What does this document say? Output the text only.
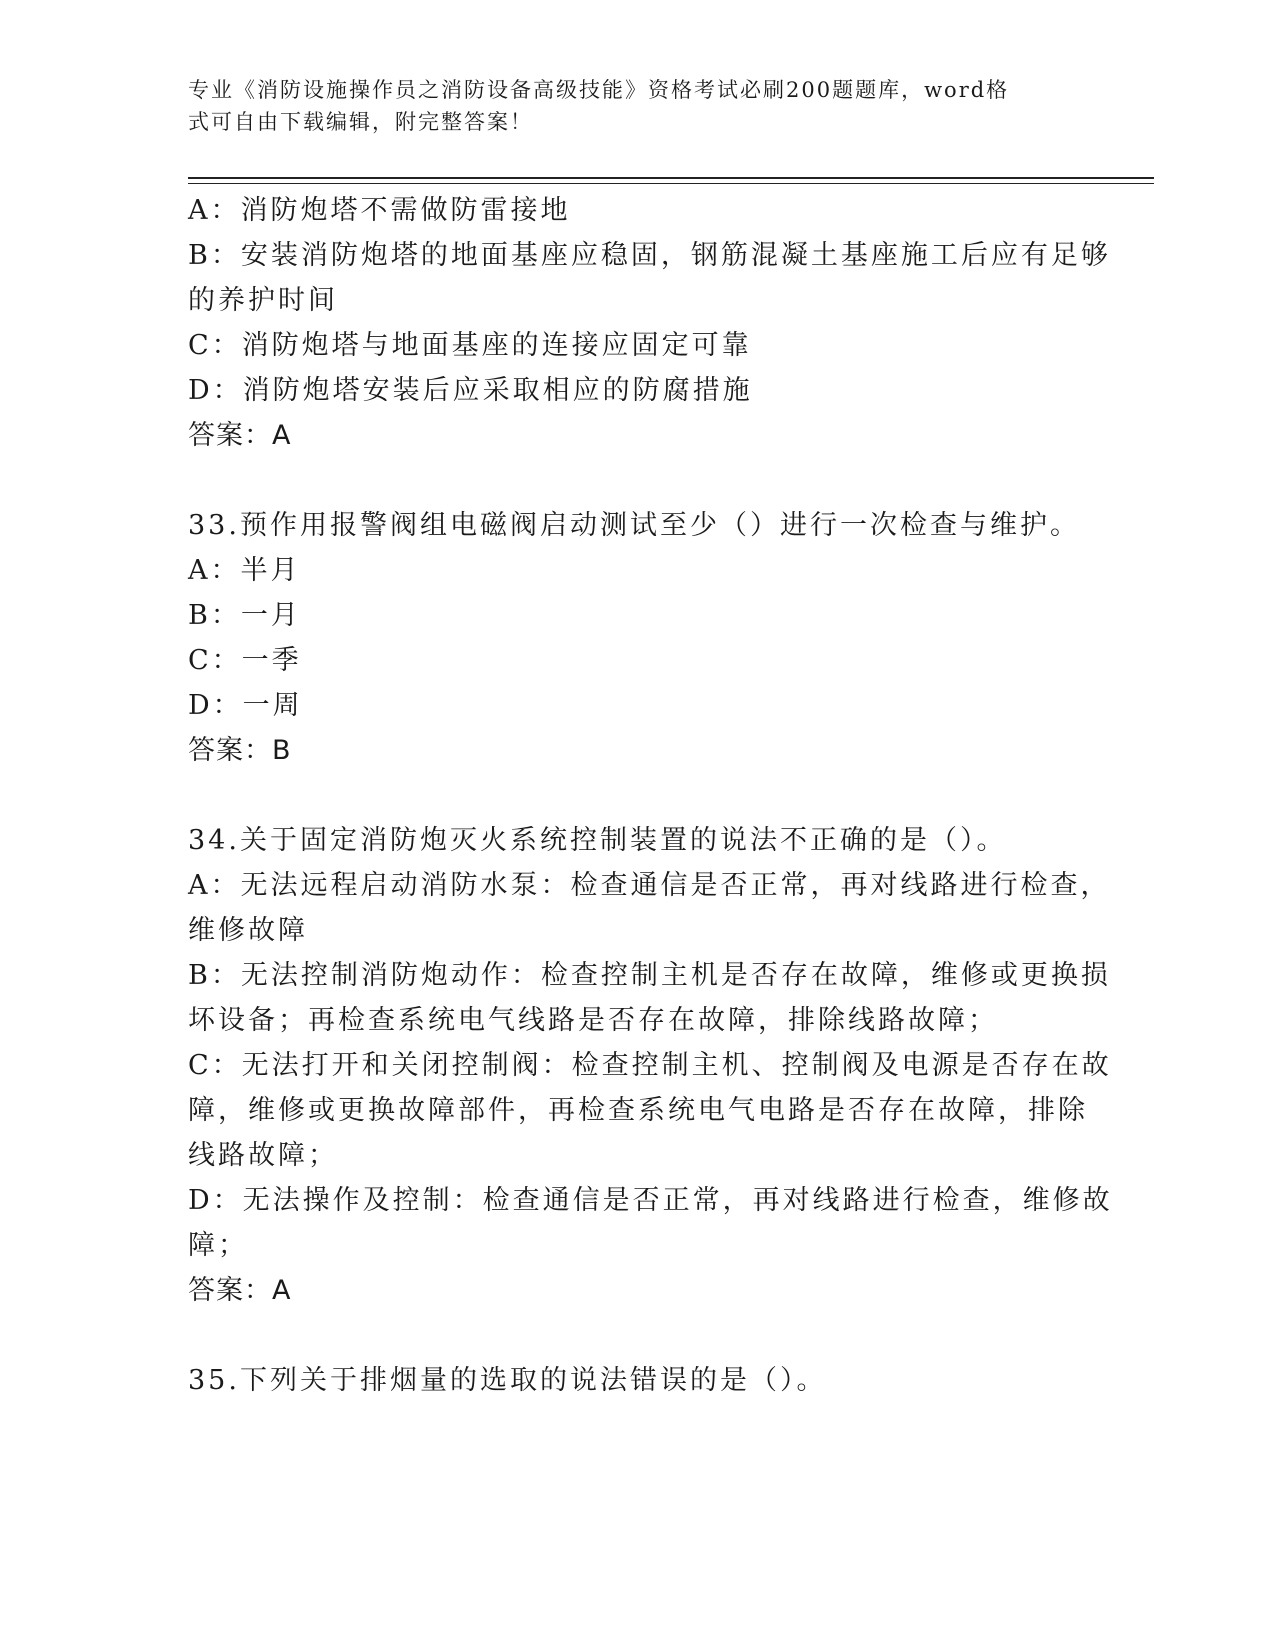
专业《消防设施操作员之消防设备高级技能》资格考试必刷200题题库，word格
式可自由下载编辑，附完整答案！
A：消防炮塔不需做防雷接地
B：安装消防炮塔的地面基座应稳固，钢筋混凝土基座施工后应有足够
的养护时间
C：消防炮塔与地面基座的连接应固定可靠
D：消防炮塔安装后应采取相应的防腐措施
答案：A
33.预作用报警阀组电磁阀启动测试至少（）进行一次检查与维护。
A：半月
B：一月
C：一季
D：一周
答案：B
34.关于固定消防炮灭火系统控制装置的说法不正确的是（）。
A：无法远程启动消防水泵：检查通信是否正常，再对线路进行检查，
维修故障
B：无法控制消防炮动作：检查控制主机是否存在故障，维修或更换损
坏设备；再检查系统电气线路是否存在故障，排除线路故障；
C：无法打开和关闭控制阀：检查控制主机、控制阀及电源是否存在故
障，维修或更换故障部件，再检查系统电气电路是否存在故障，排除
线路故障；
D：无法操作及控制：检查通信是否正常，再对线路进行检查，维修故
障；
答案：A
35.下列关于排烟量的选取的说法错误的是（）。
